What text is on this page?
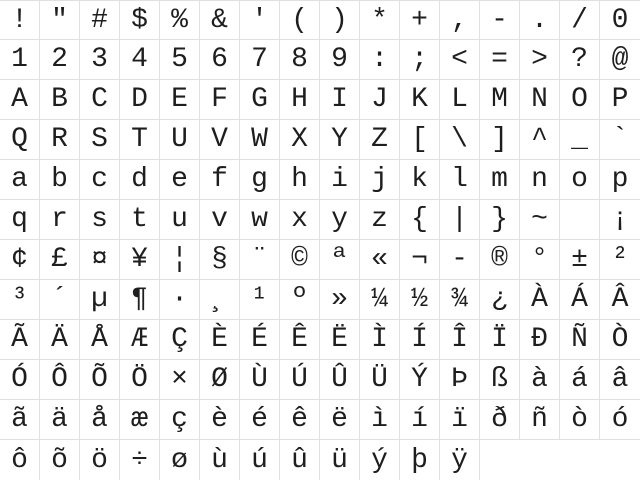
! " # $ % & ' ( ) * + , - . / 0
1 2 3 4 5 6 7 8 9 : ; < = > ? @
A B C D E F G H I J K L M N O P
Q R S T U V W X Y Z [ \ ] ^ _ `
a b c d e f g h i j k l m n o p
q r s t u v w x y z { | } ~	¡
¢ £ ¤ ¥ ¦ § ¨ © ª « ¬ - ® ° ± ²
³ ´ µ ¶ · ¸ ¹ º » ¼ ½ ¾ ¿ À Á Â
Ã Ä Å Æ Ç È É Ê Ë Ì Í Î Ï Ð Ñ Ò
Ó Ô Õ Ö × Ø Ù Ú Û Ü Ý Þ ß à á â
ã ä å æ ç è é ê ë ì í ï ð ñ ò ó
ô õ ö ÷ ø ù ú û ü ý þ ÿ
